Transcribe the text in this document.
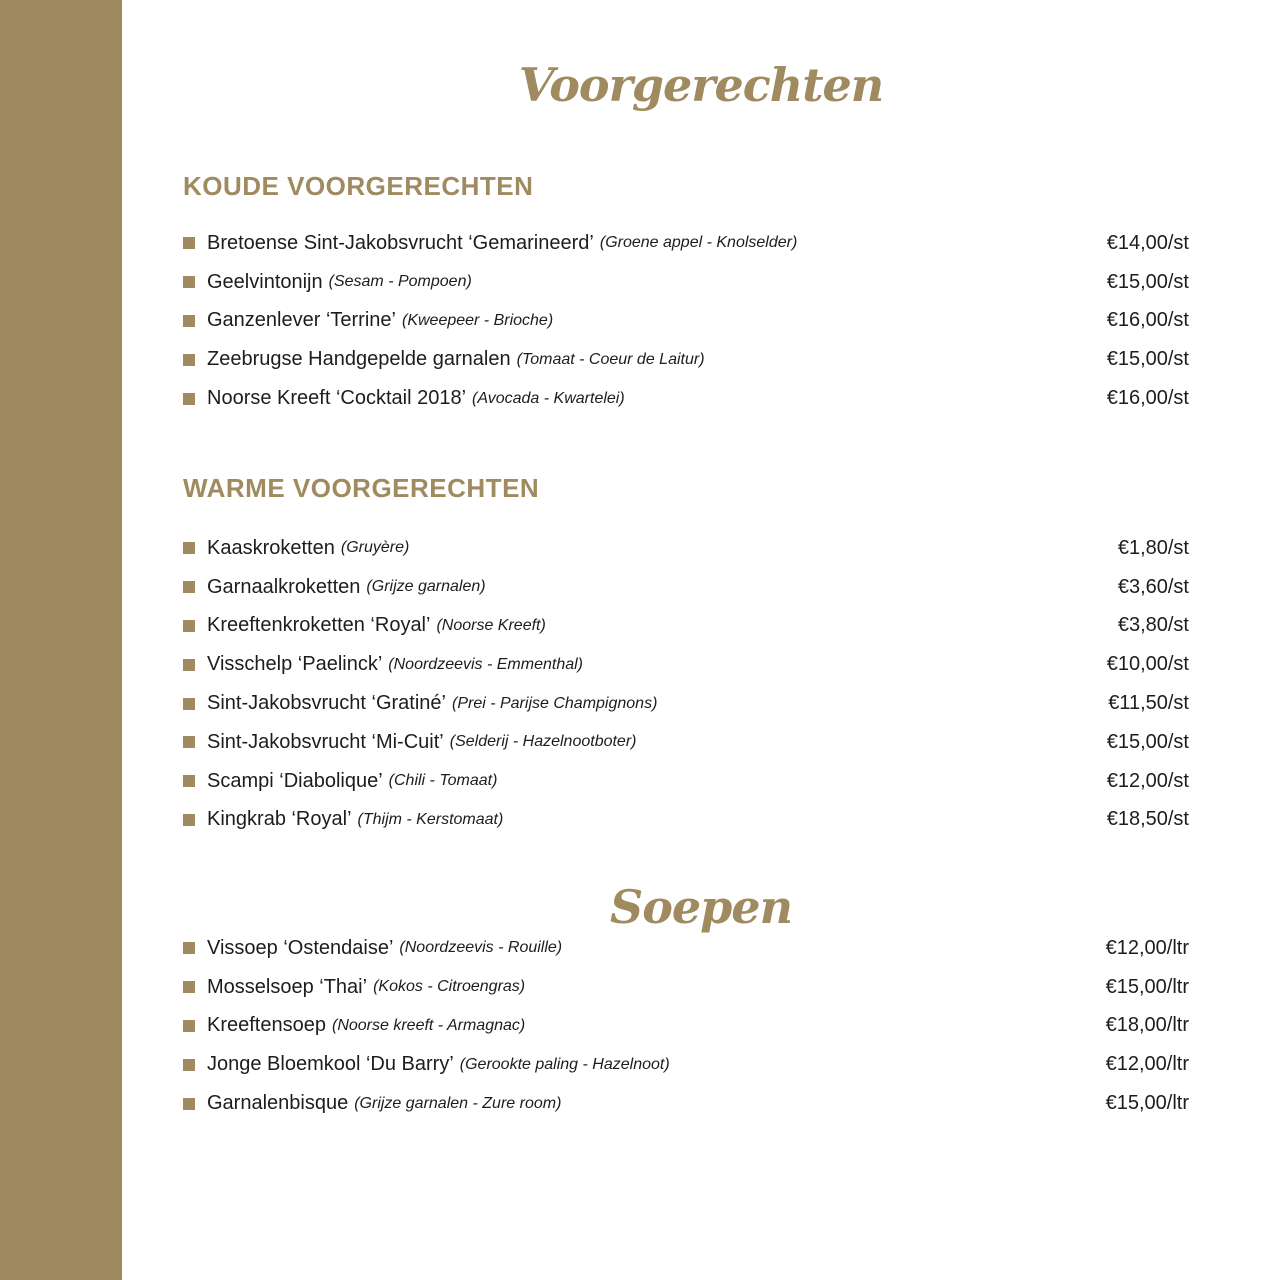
Voorgerechten
KOUDE VOORGERECHTEN
Bretoense Sint-Jakobsvrucht ‘Gemarineerd’ (Groene appel - Knolselder)	€14,00/st
Geelvintonijn (Sesam - Pompoen)	€15,00/st
Ganzenlever ‘Terrine’ (Kweepeer - Brioche)	€16,00/st
Zeebrugse Handgepelde garnalen (Tomaat - Coeur de Laitur)	€15,00/st
Noorse Kreeft ‘Cocktail 2018’ (Avocada - Kwartelei)	€16,00/st
WARME VOORGERECHTEN
Kaaskroketten (Gruyère)	€1,80/st
Garnaalkroketten (Grijze garnalen)	€3,60/st
Kreeftenkroketten ‘Royal’ (Noorse Kreeft)	€3,80/st
Visschelp ‘Paelinck’ (Noordzeevis - Emmenthal)	€10,00/st
Sint-Jakobsvrucht ‘Gratiné’ (Prei - Parijse Champignons)	€11,50/st
Sint-Jakobsvrucht ‘Mi-Cuit’ (Selderij - Hazelnootboter)	€15,00/st
Scampi ‘Diabolique’ (Chili - Tomaat)	€12,00/st
Kingkrab ‘Royal’ (Thijm - Kerstomaat)	€18,50/st
Soepen
Vissoep ‘Ostendaise’ (Noordzeevis - Rouille)	€12,00/ltr
Mosselsoep ‘Thai’ (Kokos - Citroengras)	€15,00/ltr
Kreeftensoep (Noorse kreeft - Armagnac)	€18,00/ltr
Jonge Bloemkool ‘Du Barry’ (Gerookte paling - Hazelnoot)	€12,00/ltr
Garnalenbisque (Grijze garnalen - Zure room)	€15,00/ltr
